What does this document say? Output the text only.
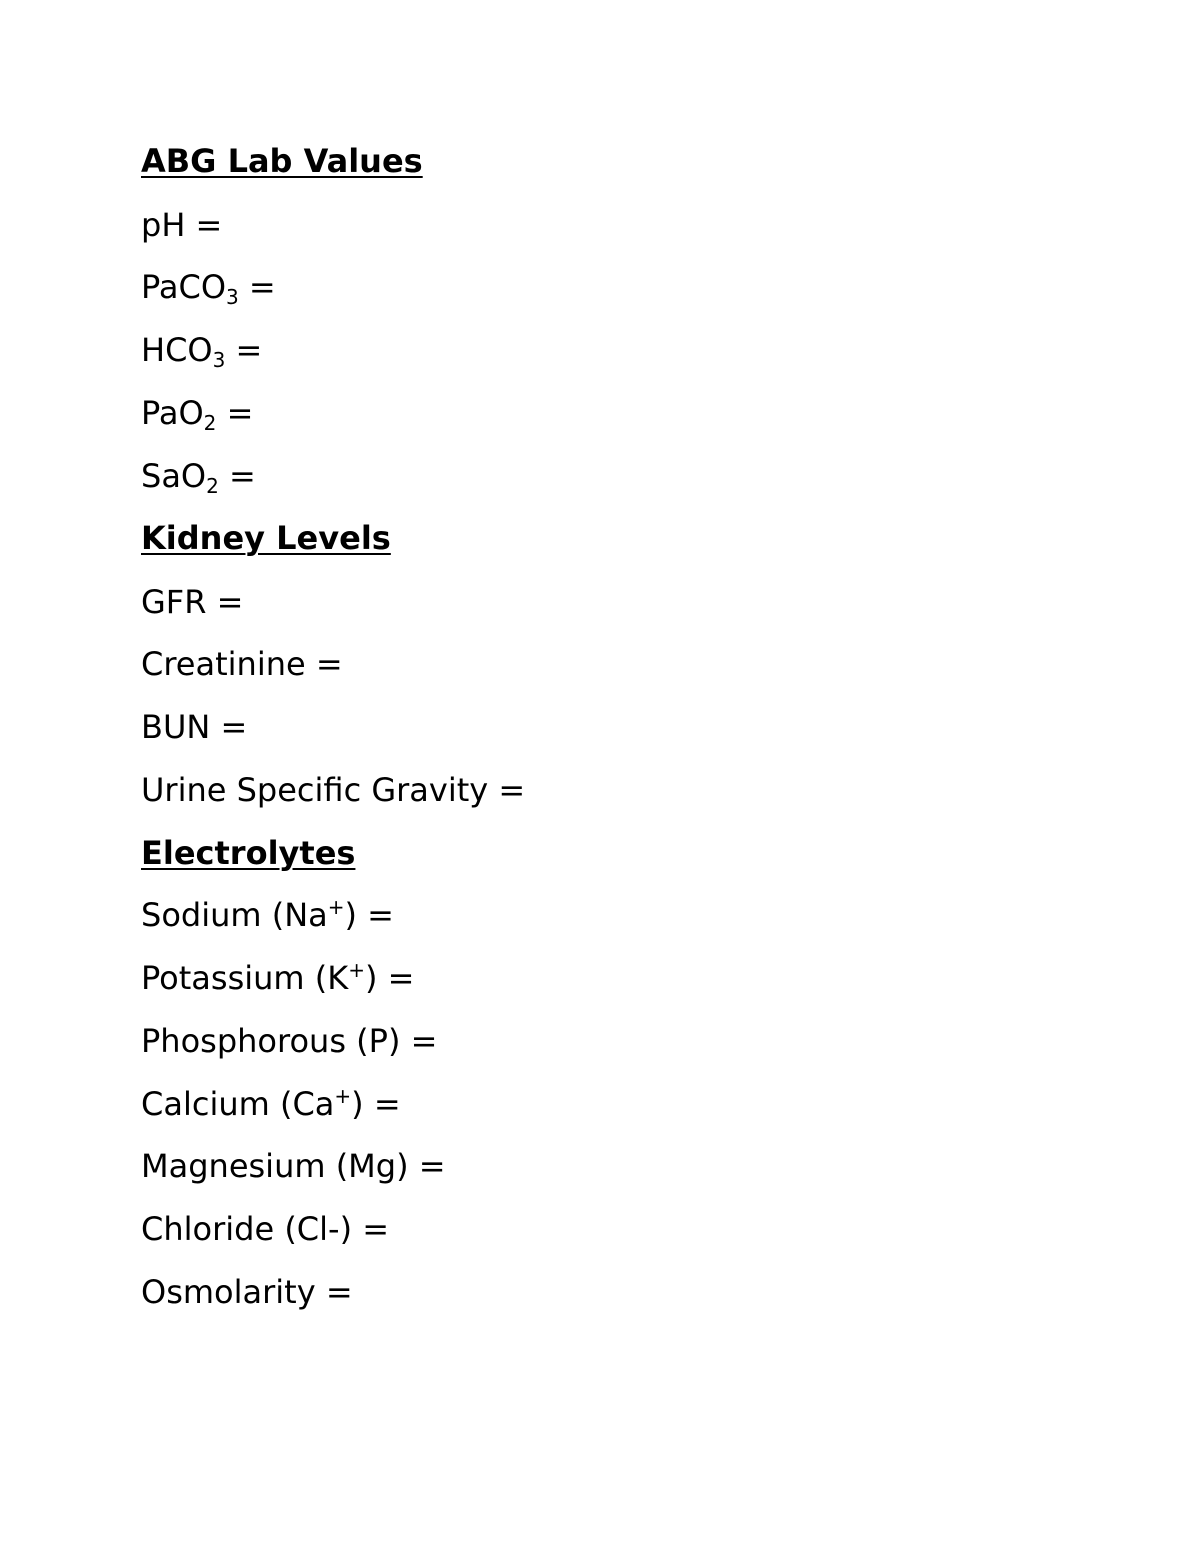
ABG Lab Values
pH =
PaCO$_3$ =
$HCO_3$ =
PaO$_2$ =
SaO$_2$ =
Kidney Levels
GFR =
Creatinine =
BUN =
Urine Specific Gravity =
Electrolytes
Sodium (Na+) =
Potassium (K+) =
Phosphorous (P) =
Calcium (Ca+) =
Magnesium (Mg) =
Chloride (Cl-) =
Osmolarity =
